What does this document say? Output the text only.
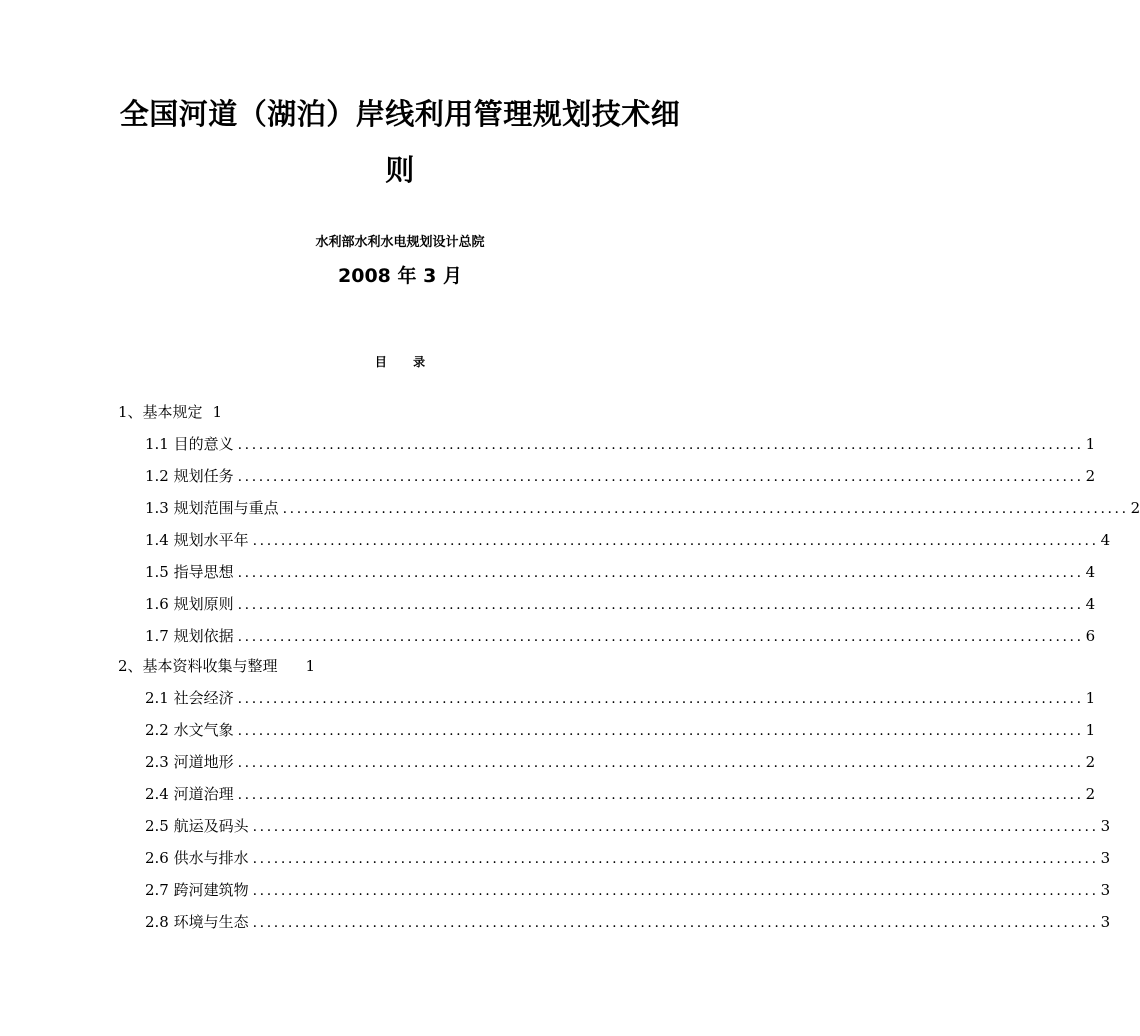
全国河道（湖泊）岸线利用管理规划技术细
则
水利部水利水电规划设计总院
2008 年 3 月
目 录
1、基本规定 1
1.1 目的意义 ........................................................................................................................ 1
1.2 规划任务 ........................................................................................................................ 2
1.3 规划范围与重点 ........................................................................................................................ 2
1.4 规划水平年 ........................................................................................................................ 4
1.5 指导思想 ........................................................................................................................ 4
1.6 规划原则 ........................................................................................................................ 4
1.7 规划依据 ........................................................................................................................ 6
2、基本资料收集与整理 1
2.1 社会经济 ........................................................................................................................ 1
2.2 水文气象 ........................................................................................................................ 1
2.3 河道地形 ........................................................................................................................ 2
2.4 河道治理 ........................................................................................................................ 2
2.5 航运及码头 ........................................................................................................................ 3
2.6 供水与排水 ........................................................................................................................ 3
2.7 跨河建筑物 ........................................................................................................................ 3
2.8 环境与生态 ........................................................................................................................ 3
